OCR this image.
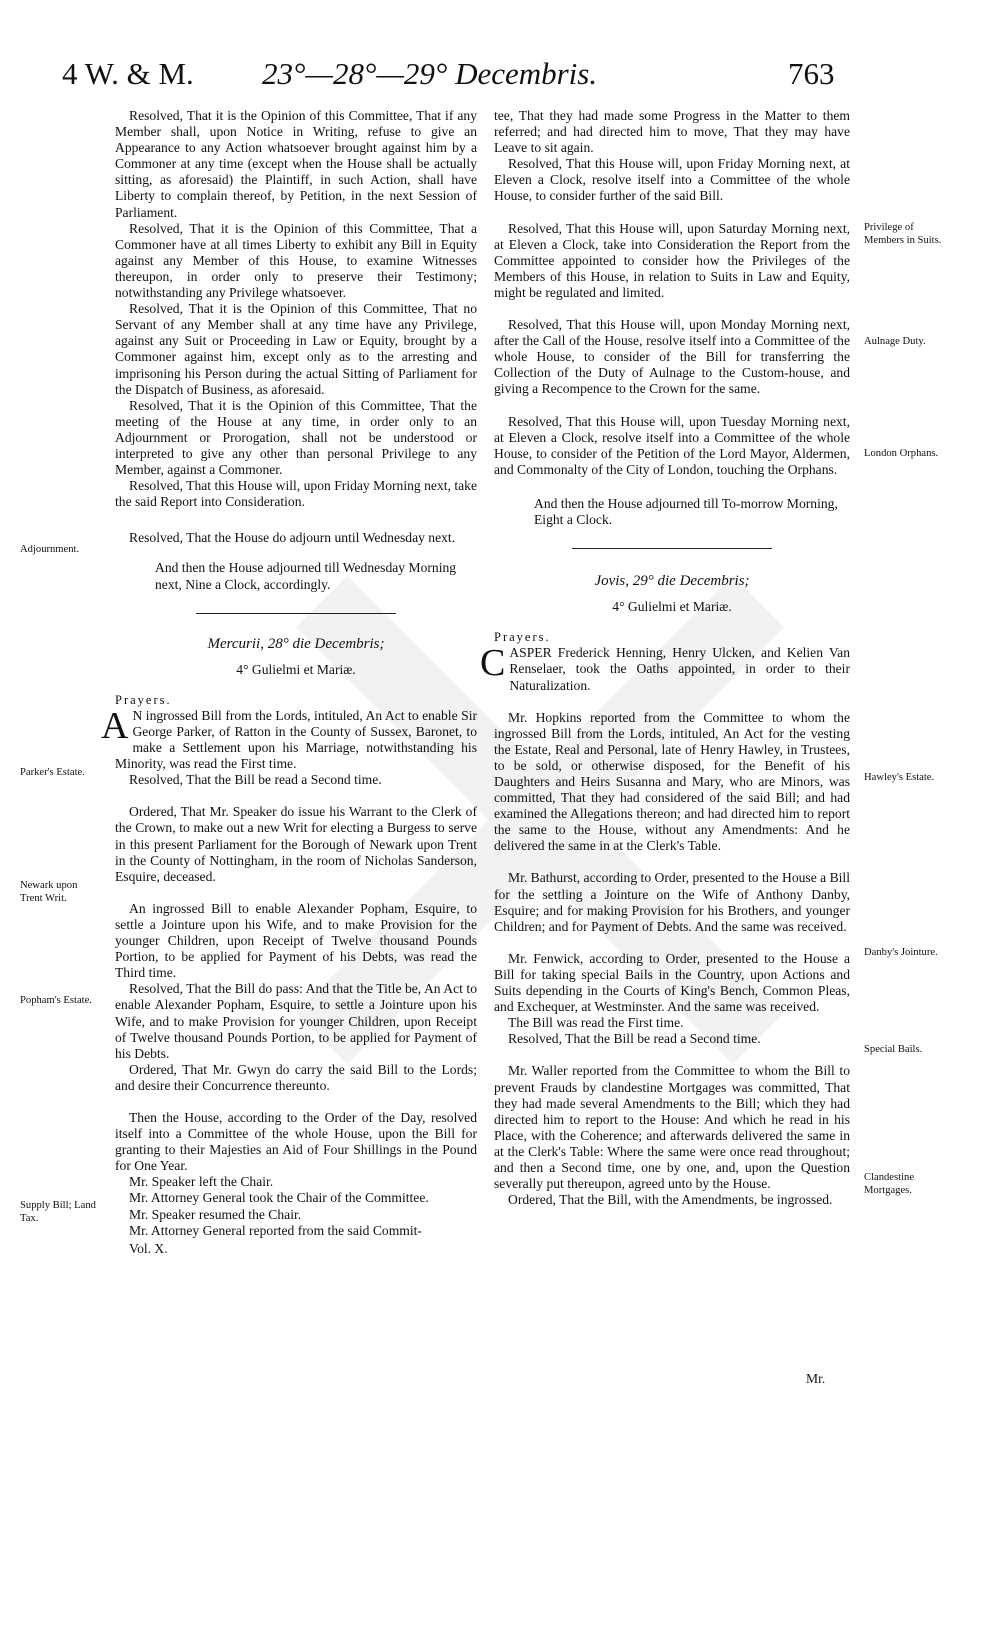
4 W. & M. 23°—28°—29° Decembris.	763

Resolved, That it is the Opinion of this Committee, That if any Member shall, upon Notice in Writing, refuse to give an Appearance to any Action whatsoever brought against him by a Commoner at any time (except when the House shall be actually sitting, as aforesaid) the Plaintiff, in such Action, shall have Liberty to complain thereof, by Petition, in the next Session of Parliament.

Resolved, That it is the Opinion of this Committee, That a Commoner have at all times Liberty to exhibit any Bill in Equity against any Member of this House, to examine Witnesses thereupon, in order only to preserve their Testimony; notwithstanding any Privilege whatsoever.

Resolved, That it is the Opinion of this Committee, That no Servant of any Member shall at any time have any Privilege, against any Suit or Proceeding in Law or Equity, brought by a Commoner against him, except only as to the arresting and imprisoning his Person during the actual Sitting of Parliament for the Dispatch of Business, as aforesaid.

Resolved, That it is the Opinion of this Committee, That the meeting of the House at any time, in order only to an Adjournment or Prorogation, shall not be understood or interpreted to give any other than personal Privilege to any Member, against a Commoner.

Resolved, That this House will, upon Friday Morning next, take the said Report into Consideration.

Resolved, That the House do adjourn until Wednesday next.

And then the House adjourned till Wednesday Morning next, Nine a Clock, accordingly.

Mercurii, 28° die Decembris;
4° Gulielmi et Mariæ.

Prayers.

A N ingrossed Bill from the Lords, intituled, An Act to enable Sir George Parker, of Ratton in the County of Sussex, Baronet, to make a Settlement upon his Marriage, notwithstanding his Minority, was read the First time.

Resolved, That the Bill be read a Second time.

Ordered, That Mr. Speaker do issue his Warrant to the Clerk of the Crown, to make out a new Writ for electing a Burgess to serve in this present Parliament for the Borough of Newark upon Trent in the County of Nottingham, in the room of Nicholas Sanderson, Esquire, deceased.

An ingrossed Bill to enable Alexander Popham, Esquire, to settle a Jointure upon his Wife, and to make Provision for the younger Children, upon Receipt of Twelve thousand Pounds Portion, to be applied for Payment of his Debts, was read the Third time.

Resolved, That the Bill do pass: And that the Title be, An Act to enable Alexander Popham, Esquire, to settle a Jointure upon his Wife, and to make Provision for younger Children, upon Receipt of Twelve thousand Pounds Portion, to be applied for Payment of his Debts.

Ordered, That Mr. Gwyn do carry the said Bill to the Lords; and desire their Concurrence thereunto.

Then the House, according to the Order of the Day, resolved itself into a Committee of the whole House, upon the Bill for granting to their Majesties an Aid of Four Shillings in the Pound for One Year.

Mr. Speaker left the Chair.

Mr. Attorney General took the Chair of the Committee.

Mr. Speaker resumed the Chair.

Mr. Attorney General reported from the said Commit-

Vol. X.

tee, That they had made some Progress in the Matter to them referred; and had directed him to move, That they may have Leave to sit again.

Resolved, That this House will, upon Friday Morning next, at Eleven a Clock, resolve itself into a Committee of the whole House, to consider further of the said Bill.

Resolved, That this House will, upon Saturday Morning next, at Eleven a Clock, take into Consideration the Report from the Committee appointed to consider how the Privileges of the Members of this House, in relation to Suits in Law and Equity, might be regulated and limited.

Resolved, That this House will, upon Monday Morning next, after the Call of the House, resolve itself into a Committee of the whole House, to consider of the Bill for transferring the Collection of the Duty of Aulnage to the Custom-house, and giving a Recompence to the Crown for the same.

Resolved, That this House will, upon Tuesday Morning next, at Eleven a Clock, resolve itself into a Committee of the whole House, to consider of the Petition of the Lord Mayor, Aldermen, and Commonalty of the City of London, touching the Orphans.

And then the House adjourned till To-morrow Morning, Eight a Clock.

Jovis, 29° die Decembris;
4° Gulielmi et Mariæ.

Prayers.

CASPER Frederick Henning, Henry Ulcken, and Kelien Van Renselaer, took the Oaths appointed, in order to their Naturalization.

Mr. Hopkins reported from the Committee to whom the ingrossed Bill from the Lords, intituled, An Act for the vesting the Estate, Real and Personal, late of Henry Hawley, in Trustees, to be sold, or otherwise disposed, for the Benefit of his Daughters and Heirs Susanna and Mary, who are Minors, was committed, That they had considered of the said Bill; and had examined the Allegations thereon; and had directed him to report the same to the House, without any Amendments: And he delivered the same in at the Clerk's Table.

Mr. Bathurst, according to Order, presented to the House a Bill for the settling a Jointure on the Wife of Anthony Danby, Esquire; and for making Provision for his Brothers, and younger Children; and for Payment of Debts. And the same was received.

Mr. Fenwick, according to Order, presented to the House a Bill for taking special Bails in the Country, upon Actions and Suits depending in the Courts of King's Bench, Common Pleas, and Exchequer, at Westminster. And the same was received.

The Bill was read the First time.

Resolved, That the Bill be read a Second time.

Mr. Waller reported from the Committee to whom the Bill to prevent Frauds by clandestine Mortgages was committed, That they had made several Amendments to the Bill; which they had directed him to report to the House: And which he read in his Place, with the Coherence; and afterwards delivered the same in at the Clerk's Table: Where the same were once read throughout; and then a Second time, one by one, and, upon the Question severally put thereupon, agreed unto by the House.

Ordered, That the Bill, with the Amendments, be ingrossed.

Mr.
Adjournment.
Parker's Estate.
Newark upon Trent Writ.
Popham's Estate.
Supply Bill; Land Tax.
Privilege of Members in Suits.
Aulnage Duty.
London Orphans.
Hawley's Estate.
Danby's Jointure.
Special Bails.
Clandestine Mortgages.
